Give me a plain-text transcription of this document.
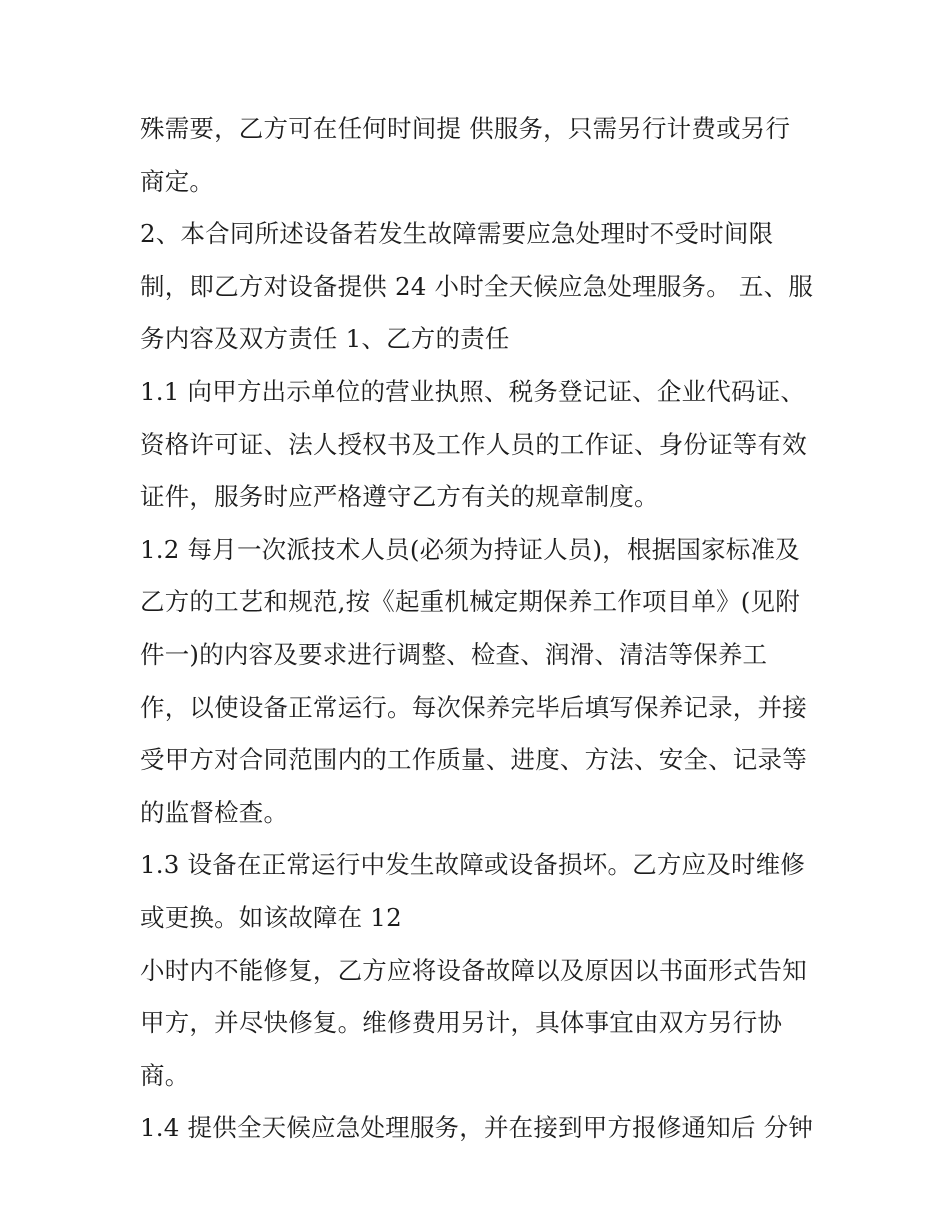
殊需要，乙方可在任何时间提 供服务，只需另行计费或另行
商定。
2、本合同所述设备若发生故障需要应急处理时不受时间限
制，即乙方对设备提供 24 小时全天候应急处理服务。 五、服
务内容及双方责任 1、乙方的责任
1.1 向甲方出示单位的营业执照、税务登记证、企业代码证、
资格许可证、法人授权书及工作人员的工作证、身份证等有效
证件，服务时应严格遵守乙方有关的规章制度。
1.2 每月一次派技术人员(必须为持证人员)，根据国家标准及
乙方的工艺和规范,按《起重机械定期保养工作项目单》(见附
件一)的内容及要求进行调整、检查、润滑、清洁等保养工
作，以使设备正常运行。每次保养完毕后填写保养记录，并接
受甲方对合同范围内的工作质量、进度、方法、安全、记录等
的监督检查。
1.3 设备在正常运行中发生故障或设备损坏。乙方应及时维修
或更换。如该故障在 12
小时内不能修复，乙方应将设备故障以及原因以书面形式告知
甲方，并尽快修复。维修费用另计，具体事宜由双方另行协
商。
1.4 提供全天候应急处理服务，并在接到甲方报修通知后 分钟
